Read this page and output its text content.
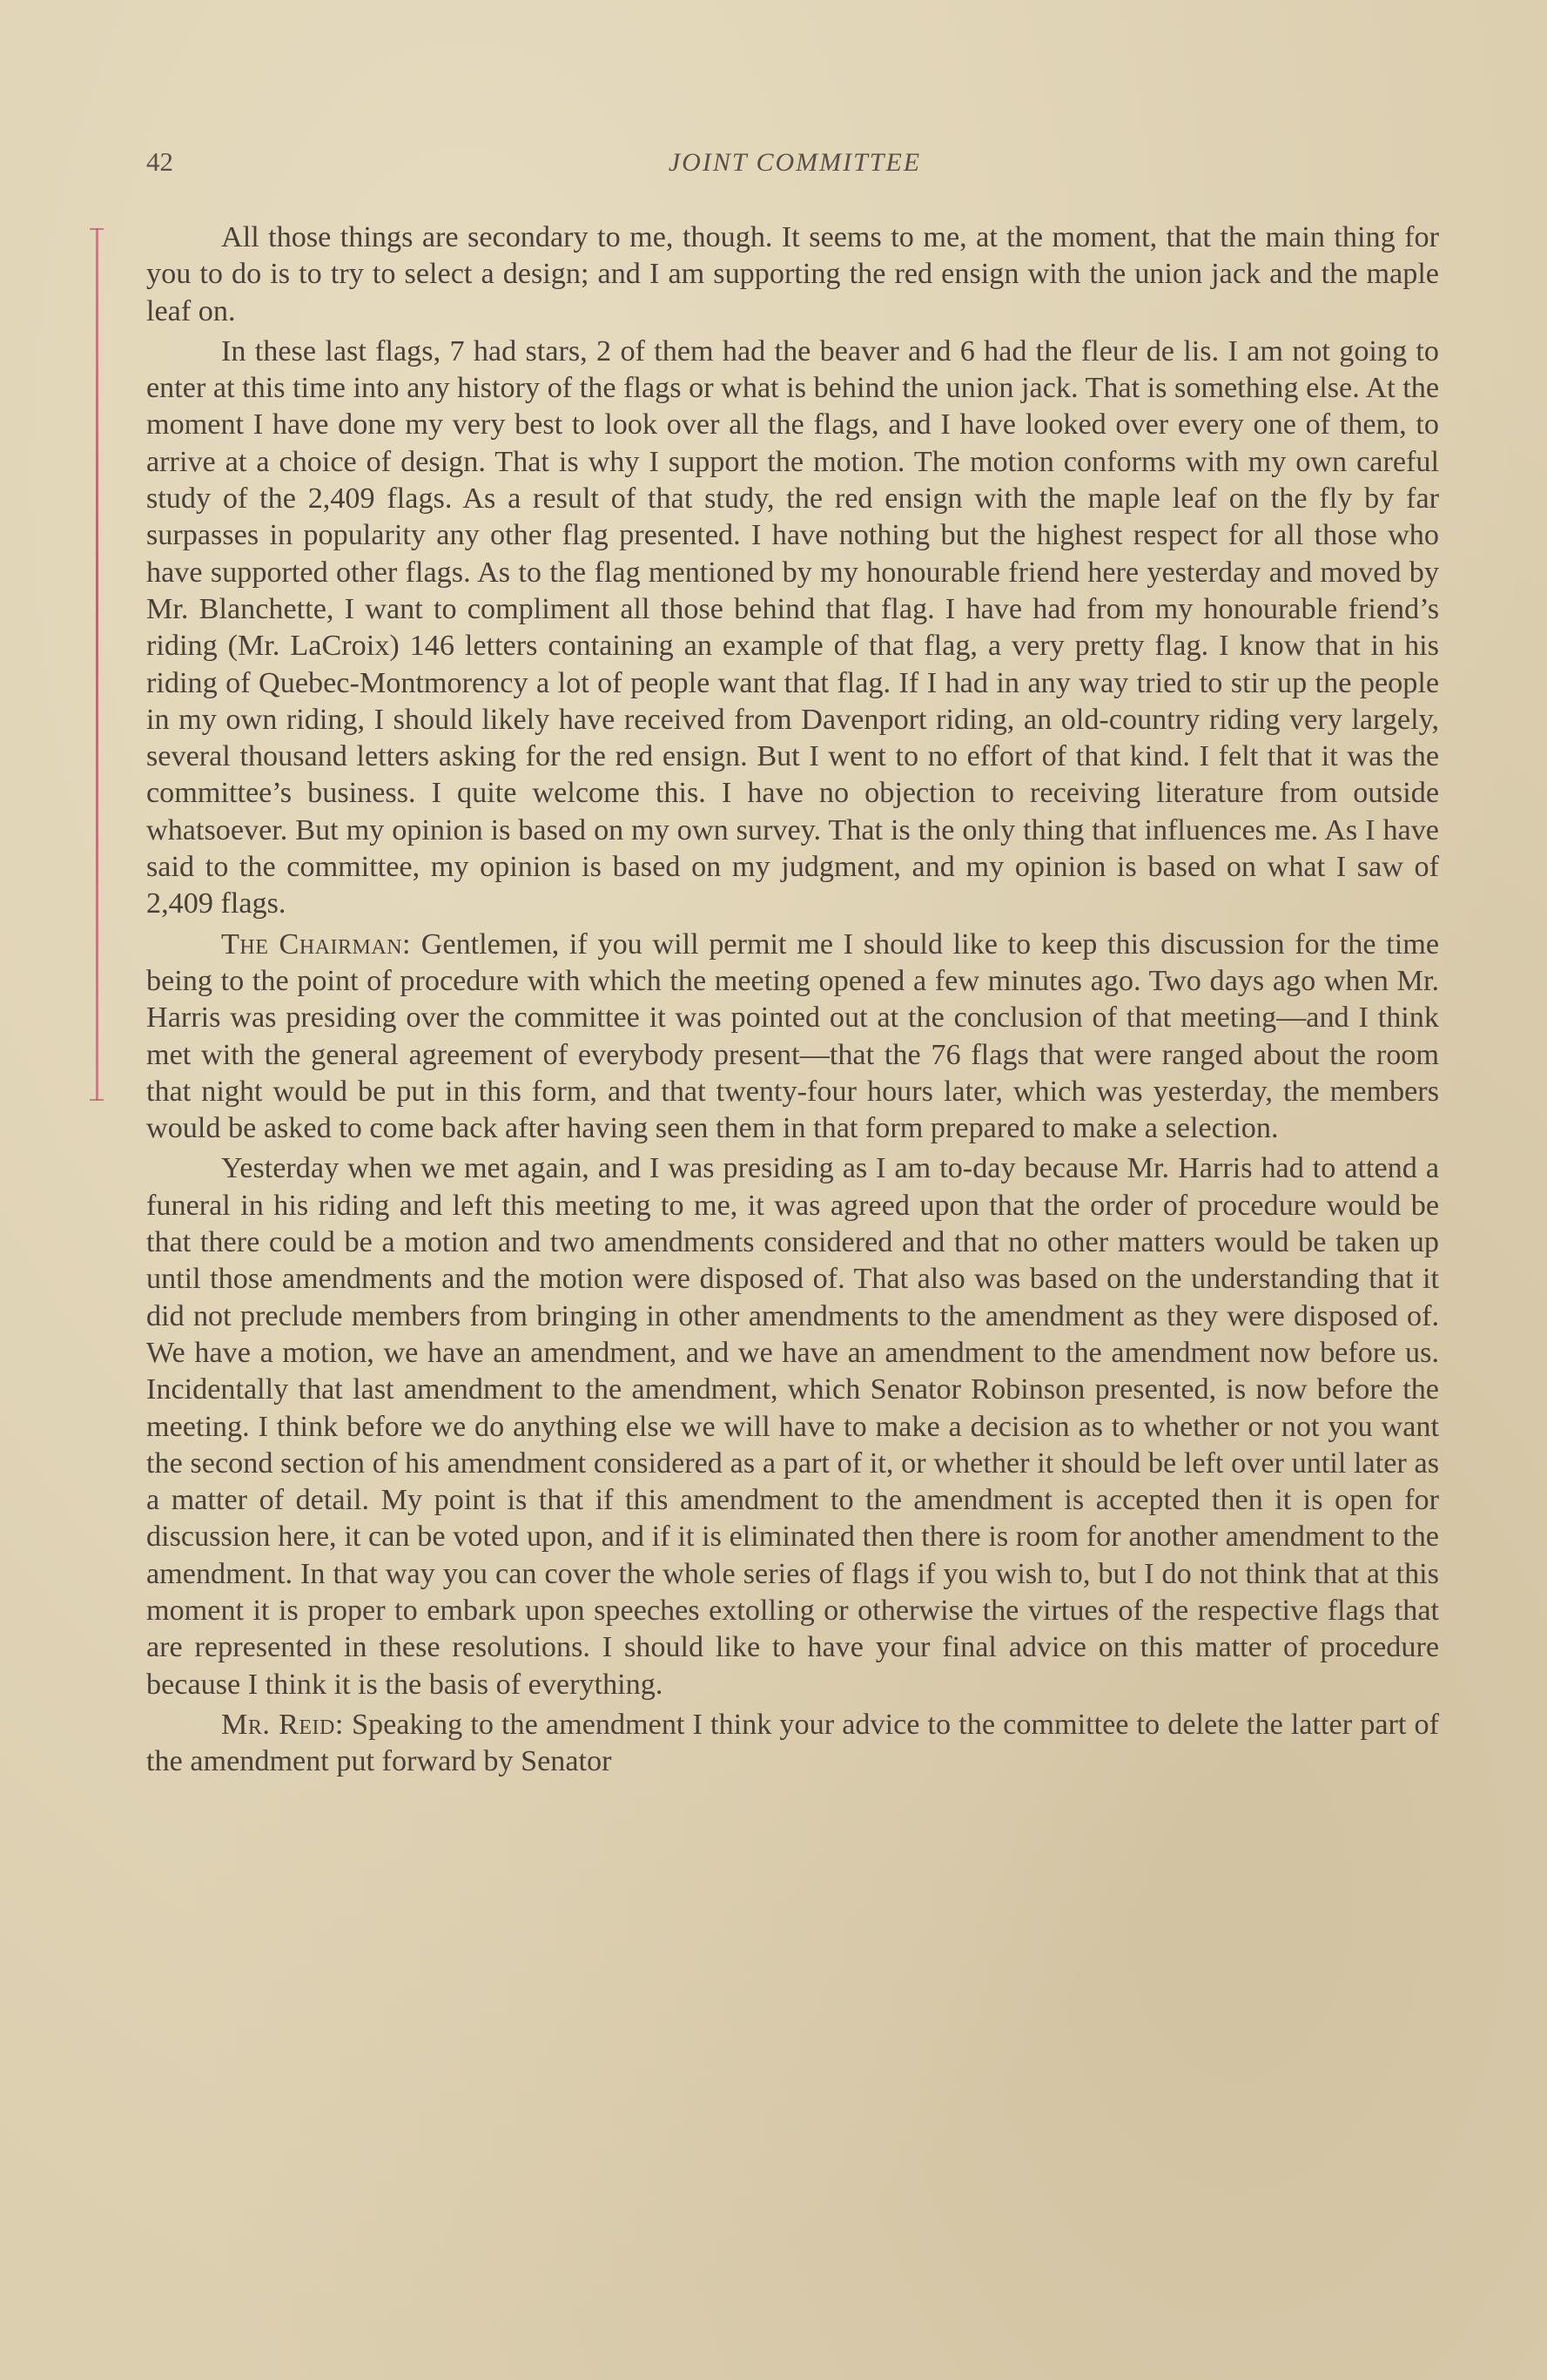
42	JOINT COMMITTEE

All those things are secondary to me, though. It seems to me, at the moment, that the main thing for you to do is to try to select a design; and I am supporting the red ensign with the union jack and the maple leaf on.

In these last flags, 7 had stars, 2 of them had the beaver and 6 had the fleur de lis. I am not going to enter at this time into any history of the flags or what is behind the union jack. That is something else. At the moment I have done my very best to look over all the flags, and I have looked over every one of them, to arrive at a choice of design. That is why I support the motion. The motion conforms with my own careful study of the 2,409 flags. As a result of that study, the red ensign with the maple leaf on the fly by far surpasses in popularity any other flag presented. I have nothing but the highest respect for all those who have supported other flags. As to the flag mentioned by my honourable friend here yesterday and moved by Mr. Blanchette, I want to compliment all those behind that flag. I have had from my honourable friend’s riding (Mr. LaCroix) 146 letters containing an example of that flag, a very pretty flag. I know that in his riding of Quebec-Montmorency a lot of people want that flag. If I had in any way tried to stir up the people in my own riding, I should likely have received from Davenport riding, an old-country riding very largely, several thousand letters asking for the red ensign. But I went to no effort of that kind. I felt that it was the committee’s business. I quite welcome this. I have no objection to receiving literature from outside whatsoever. But my opinion is based on my own survey. That is the only thing that influences me. As I have said to the committee, my opinion is based on my judgment, and my opinion is based on what I saw of 2,409 flags.

The Chairman: Gentlemen, if you will permit me I should like to keep this discussion for the time being to the point of procedure with which the meeting opened a few minutes ago. Two days ago when Mr. Harris was presiding over the committee it was pointed out at the conclusion of that meeting—and I think met with the general agreement of everybody present—that the 76 flags that were ranged about the room that night would be put in this form, and that twenty-four hours later, which was yesterday, the members would be asked to come back after having seen them in that form prepared to make a selection.

Yesterday when we met again, and I was presiding as I am to-day because Mr. Harris had to attend a funeral in his riding and left this meeting to me, it was agreed upon that the order of procedure would be that there could be a motion and two amendments considered and that no other matters would be taken up until those amendments and the motion were disposed of. That also was based on the understanding that it did not preclude members from bringing in other amendments to the amendment as they were disposed of. We have a motion, we have an amendment, and we have an amendment to the amendment now before us. Incidentally that last amendment to the amendment, which Senator Robinson presented, is now before the meeting. I think before we do anything else we will have to make a decision as to whether or not you want the second section of his amendment considered as a part of it, or whether it should be left over until later as a matter of detail. My point is that if this amendment to the amendment is accepted then it is open for discussion here, it can be voted upon, and if it is eliminated then there is room for another amendment to the amendment. In that way you can cover the whole series of flags if you wish to, but I do not think that at this moment it is proper to embark upon speeches extolling or otherwise the virtues of the respective flags that are represented in these resolutions. I should like to have your final advice on this matter of procedure because I think it is the basis of everything.

Mr. Reid: Speaking to the amendment I think your advice to the committee to delete the latter part of the amendment put forward by Senator
